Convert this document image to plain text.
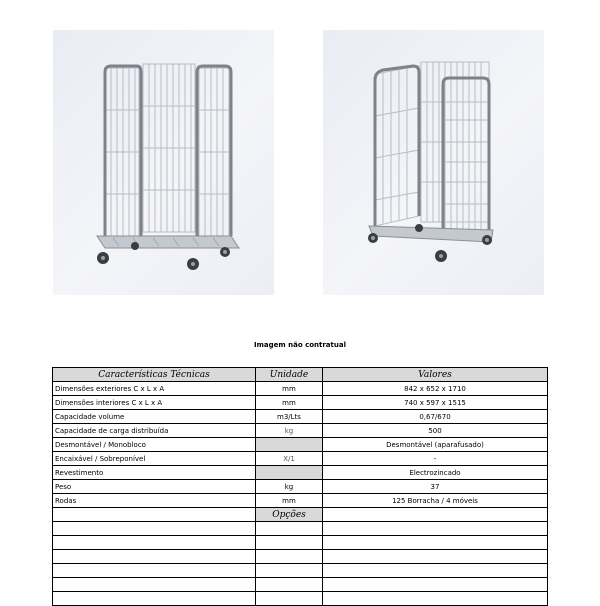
Imagem não contratual
Características Técnicas	Unidade	Valores
Dimensões exteriores C x L x A	mm	842 x 652 x 1710
Dimensões interiores C x L x A	mm	740 x 597 x 1515
Capacidade volume	m3/Lts	0,67/670
Capacidade de carga distribuída	kg	500
Desmontável / Monobloco		Desmontável (aparafusado)
Encaixável / Sobreponível	X/1	-
Revestimento		Electrozincado
Peso	kg	37
Rodas	mm	125 Borracha / 4 móveis
	Opções	
